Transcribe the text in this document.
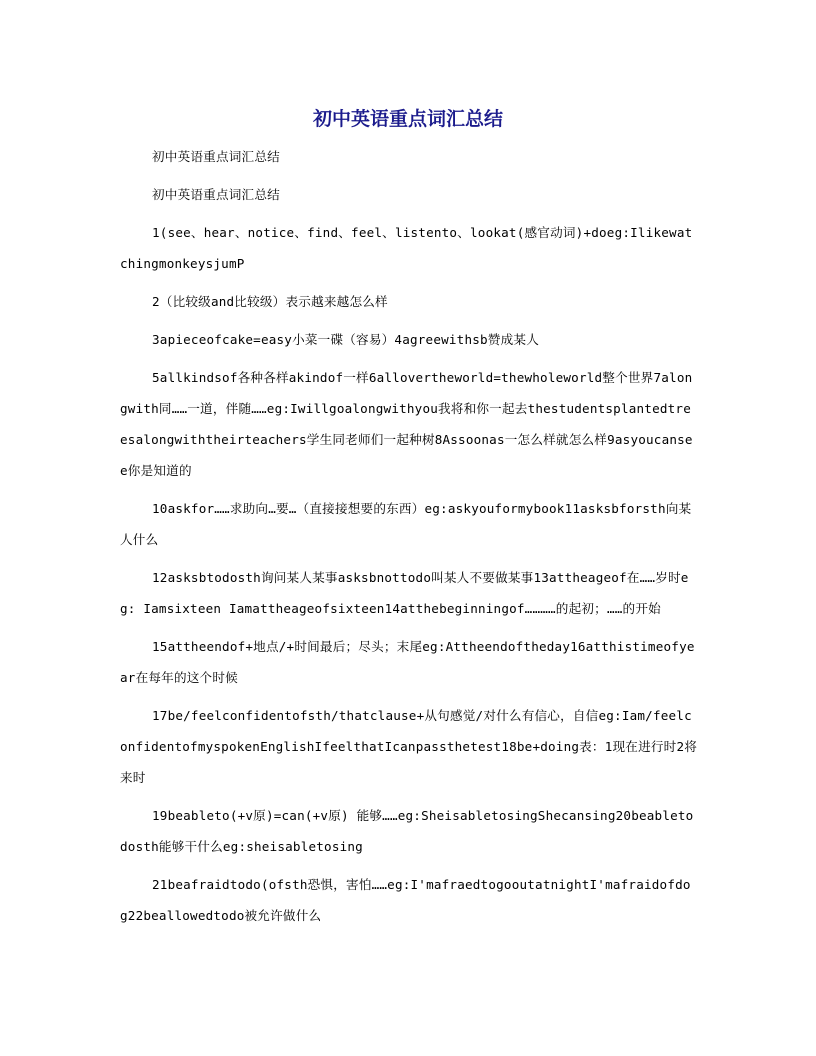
初中英语重点词汇总结

初中英语重点词汇总结

初中英语重点词汇总结

1(see、hear、notice、find、feel、listento、lookat(感官动词)+doeg:IlikewatchingmonkeysjumP

2（比较级and比较级）表示越来越怎么样

3apieceofcake=easy小菜一碟（容易）4agreewithsb赞成某人

5allkindsof各种各样akindof一样6allovertheworld=thewholeworld整个世界7alongwith同……一道，伴随……eg:Iwillgoalongwithyou我将和你一起去thestudentsplantedtreesalongwiththeirteachers学生同老师们一起种树8Assoonas一怎么样就怎么样9asyoucansee你是知道的

10askfor……求助向…要…（直接接想要的东西）eg:askyouformybook11asksbforsth向某人什么

12asksbtodosth询问某人某事asksbnottodo叫某人不要做某事13attheageof在……岁时eg: Iamsixteen Iamattheageofsixteen14atthebeginningof…………的起初；……的开始

15attheendof+地点/+时间最后；尽头；末尾eg:Attheendoftheday16atthistimeofyear在每年的这个时候

17be/feelconfidentofsth/thatclause+从句感觉/对什么有信心，自信eg:Iam/feelconfidentofmyspokenEnglishIfeelthatIcanpassthetest18be+doing表：1现在进行时2将来时

19beableto(+v原)=can(+v原) 能够……eg:SheisabletosingShecansing20beabletodosth能够干什么eg:sheisabletosing

21beafraidtodo(ofsth恐惧，害怕……eg:I'mafraedtogooutatnightI'mafraidofdog22beallowedtodo被允许做什么
